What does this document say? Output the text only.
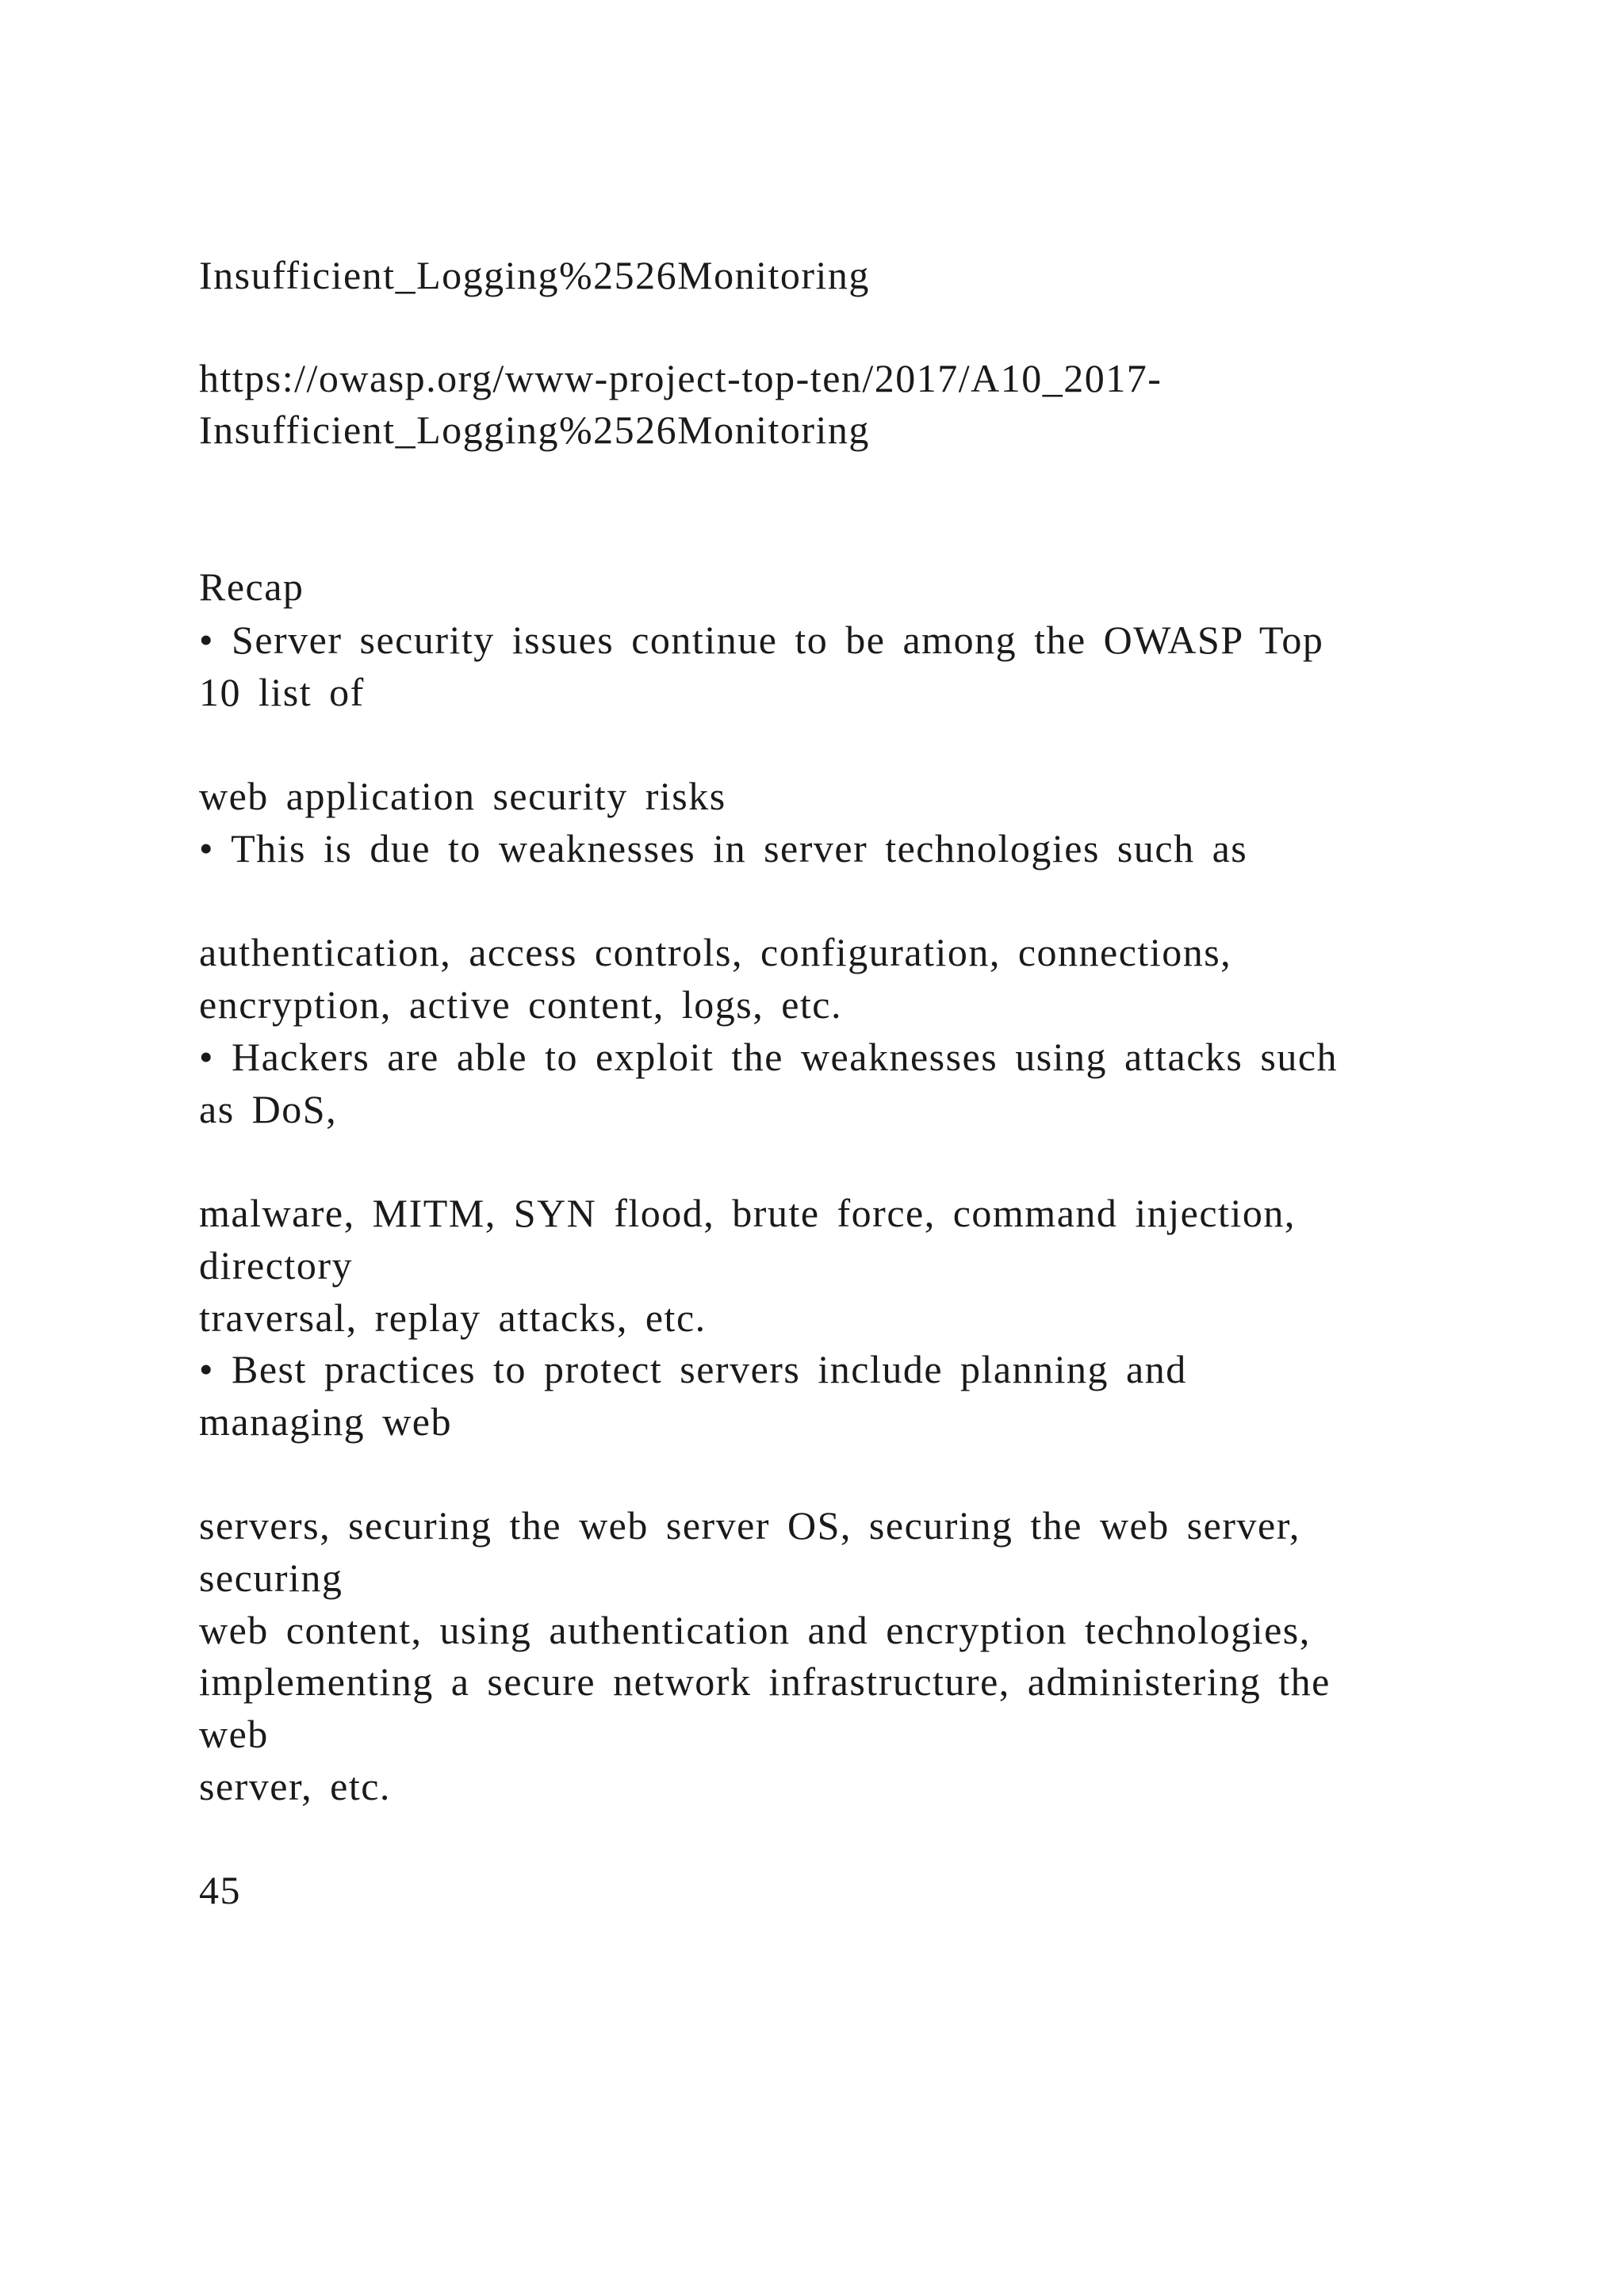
Insufficient_Logging%2526Monitoring

https://owasp.org/www-project-top-ten/2017/A10_2017-

Insufficient_Logging%2526Monitoring

Recap

• Server security issues continue to be among the OWASP Top

10 list of

web application security risks

• This is due to weaknesses in server technologies such as

authentication, access controls, configuration, connections,

encryption, active content, logs, etc.

• Hackers are able to exploit the weaknesses using attacks such

as DoS,

malware, MITM, SYN flood, brute force, command injection,

directory

traversal, replay attacks, etc.

• Best practices to protect servers include planning and

managing web

servers, securing the web server OS, securing the web server,

securing

web content, using authentication and encryption technologies,

implementing a secure network infrastructure, administering the

web

server, etc.

45
